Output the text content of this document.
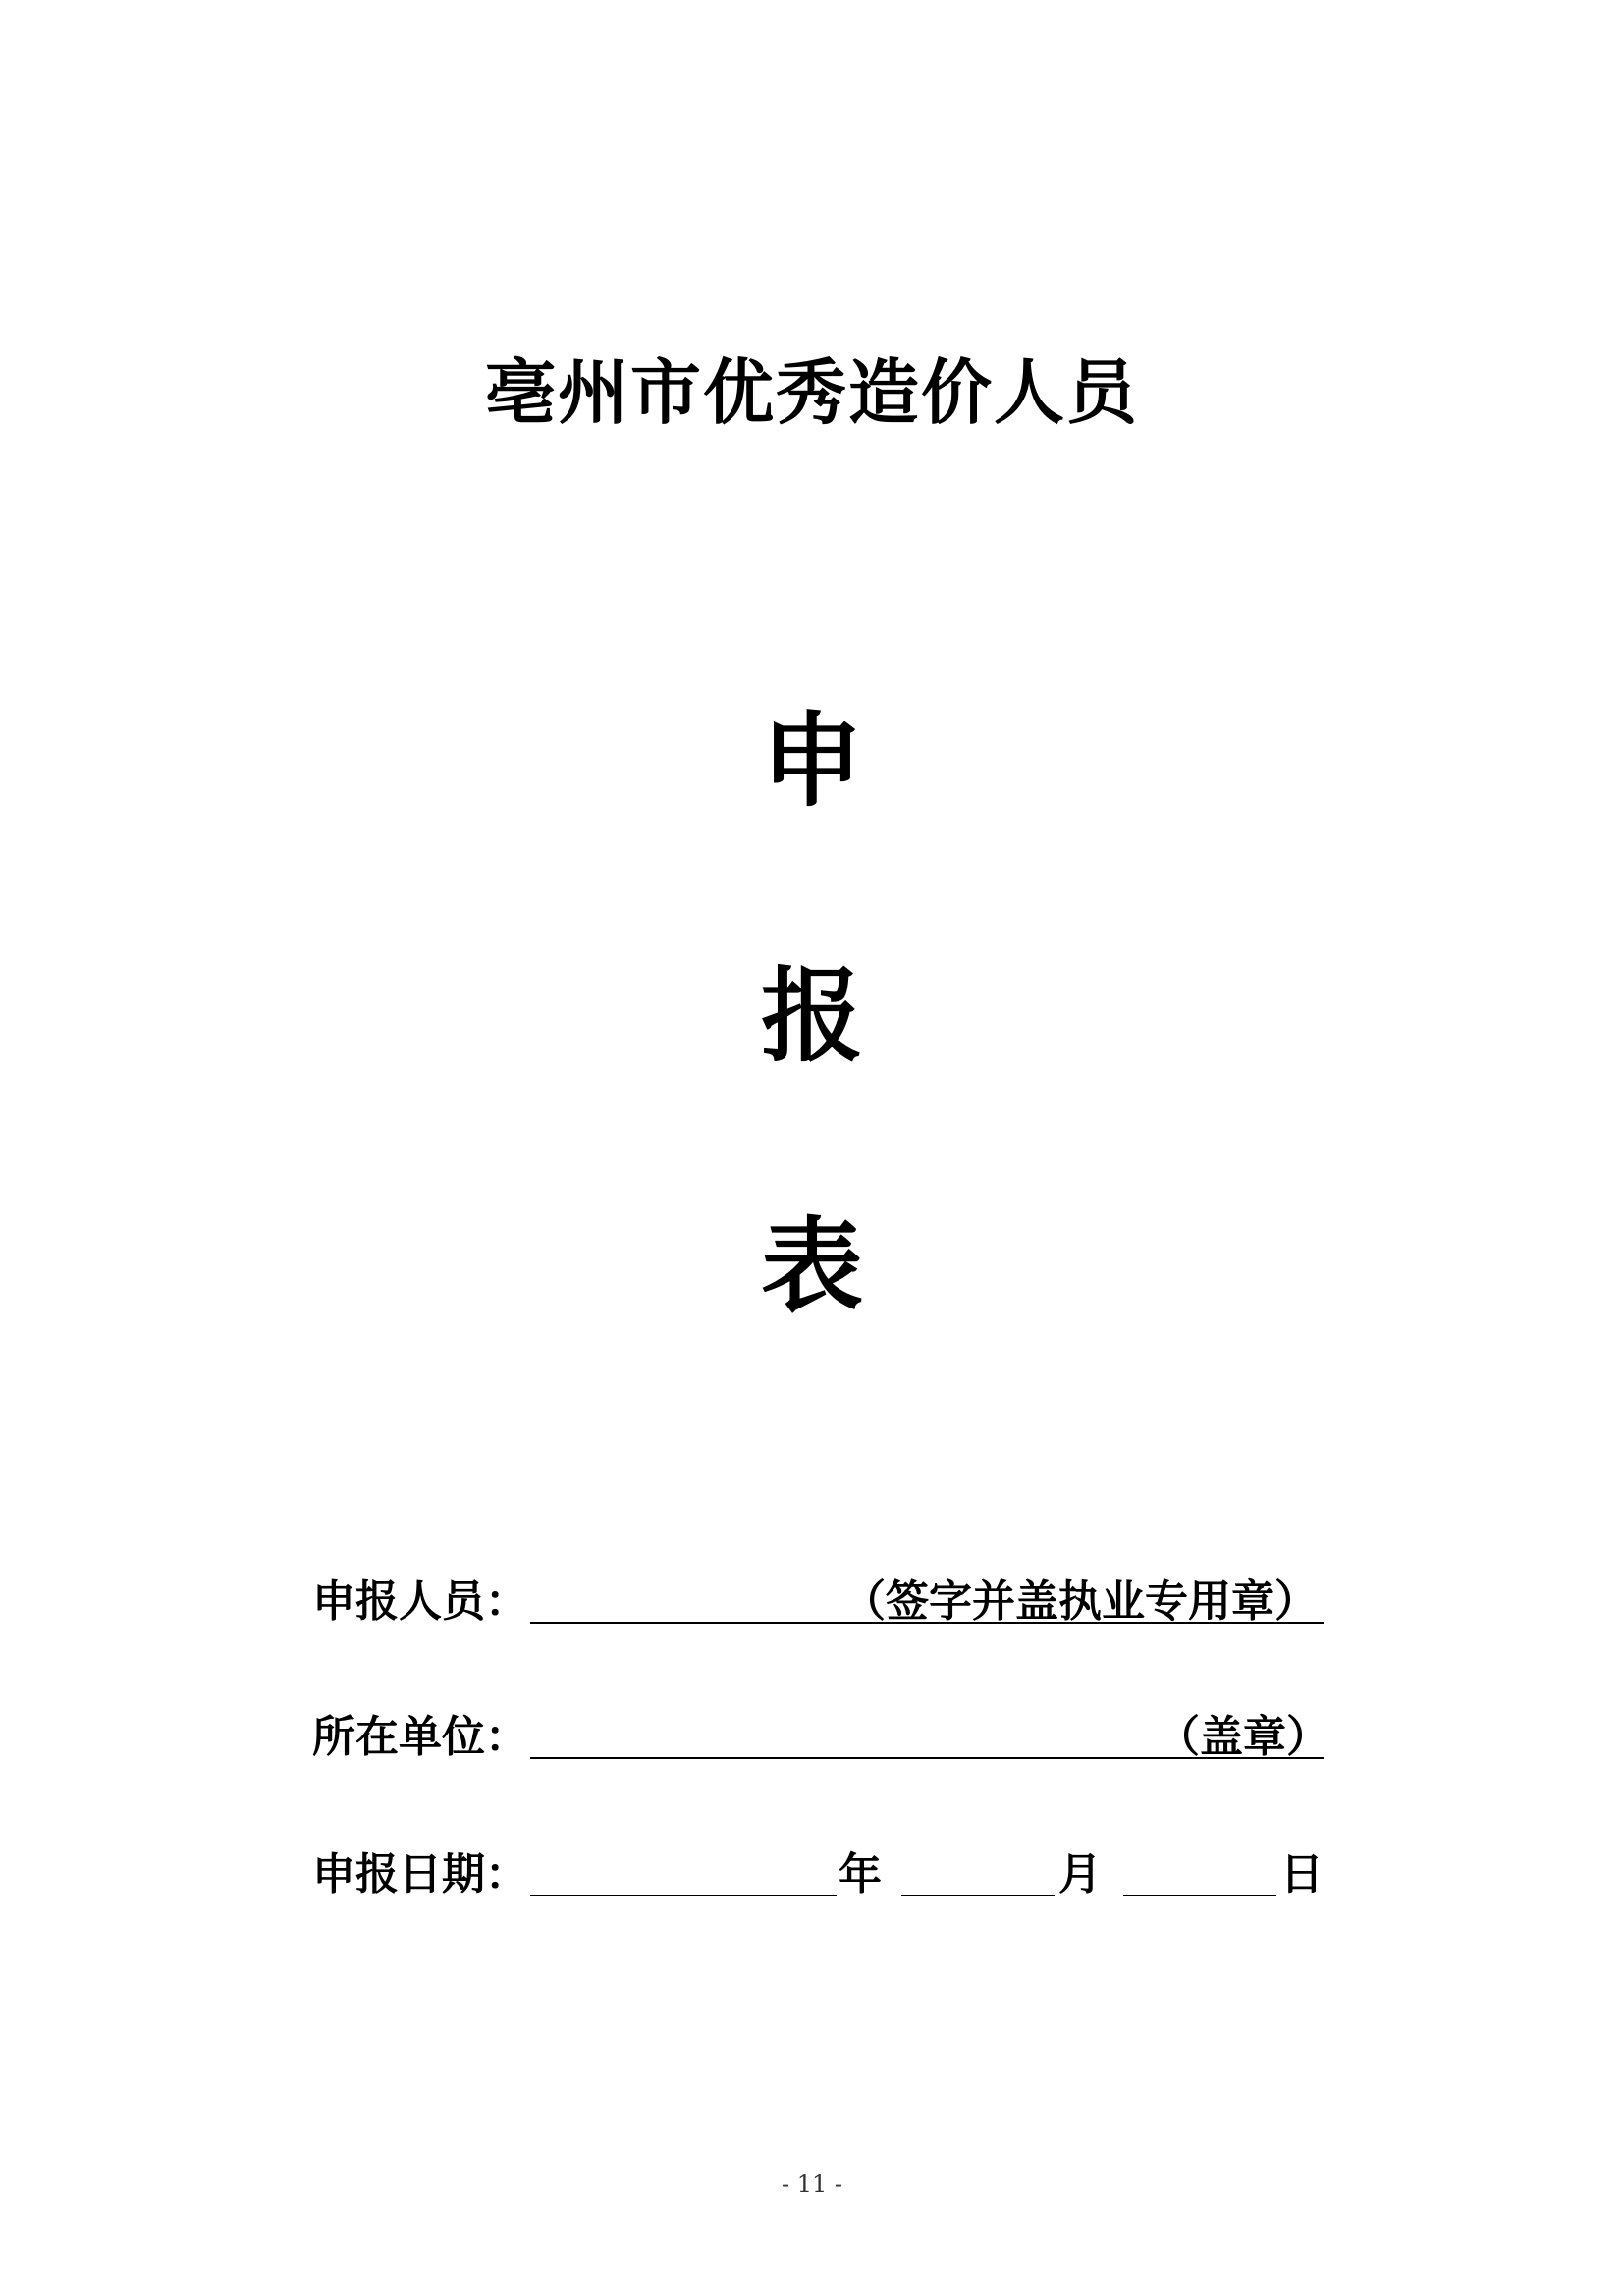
亳州市优秀造价人员
申
报
表
申报人员：	（签字并盖执业专用章）
所在单位：	（盖章）
申报日期：	年	月	日
- 11 -
